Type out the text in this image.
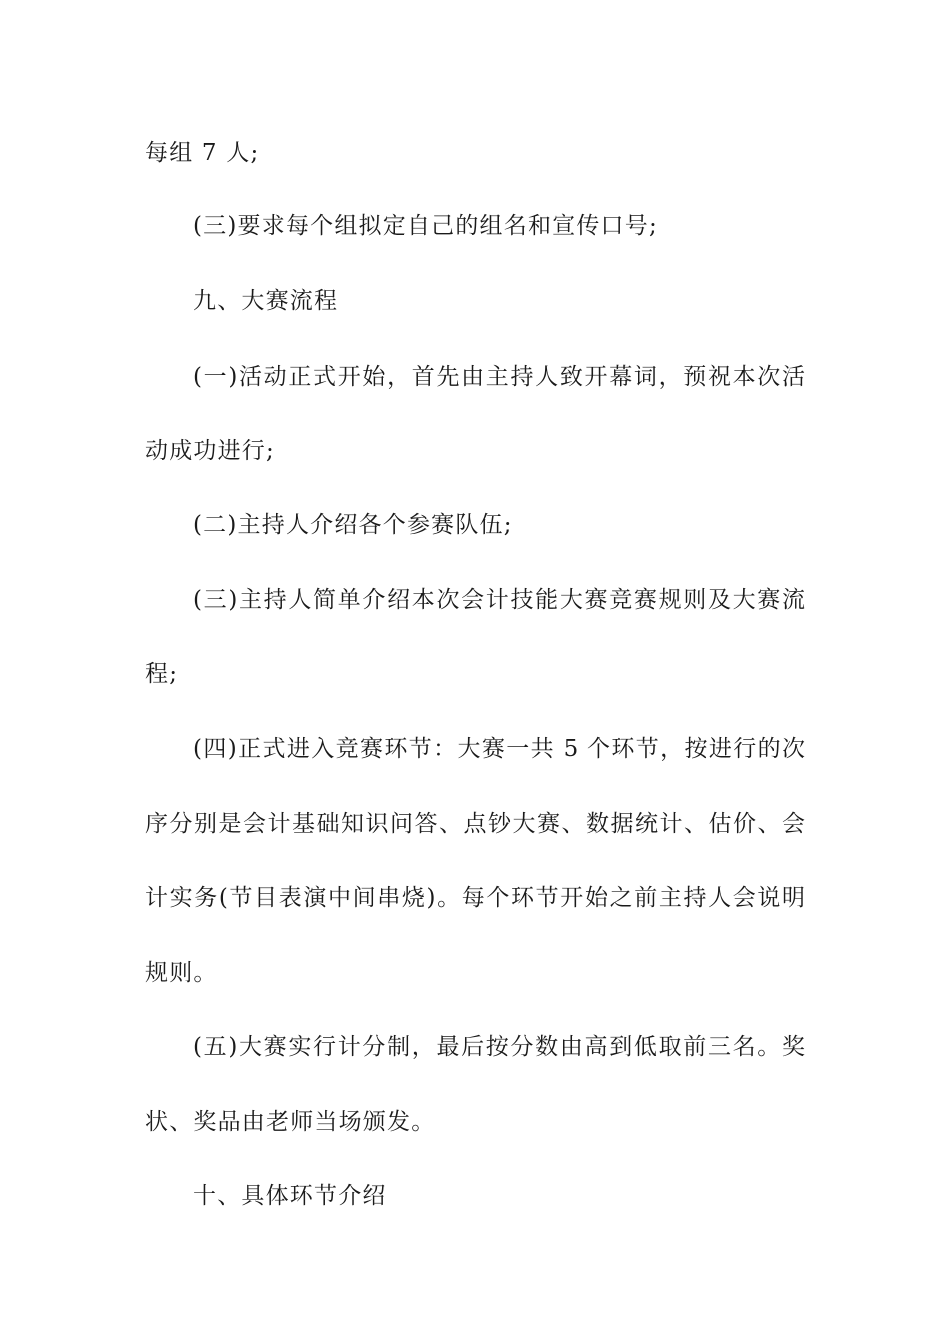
每组 7 人;
(三)要求每个组拟定自己的组名和宣传口号;
九、大赛流程
(一)活动正式开始，首先由主持人致开幕词，预祝本次活
动成功进行;
(二)主持人介绍各个参赛队伍;
(三)主持人简单介绍本次会计技能大赛竞赛规则及大赛流
程;
(四)正式进入竞赛环节：大赛一共 5 个环节，按进行的次
序分别是会计基础知识问答、点钞大赛、数据统计、估价、会
计实务(节目表演中间串烧)。每个环节开始之前主持人会说明
规则。
(五)大赛实行计分制，最后按分数由高到低取前三名。奖
状、奖品由老师当场颁发。
十、具体环节介绍
